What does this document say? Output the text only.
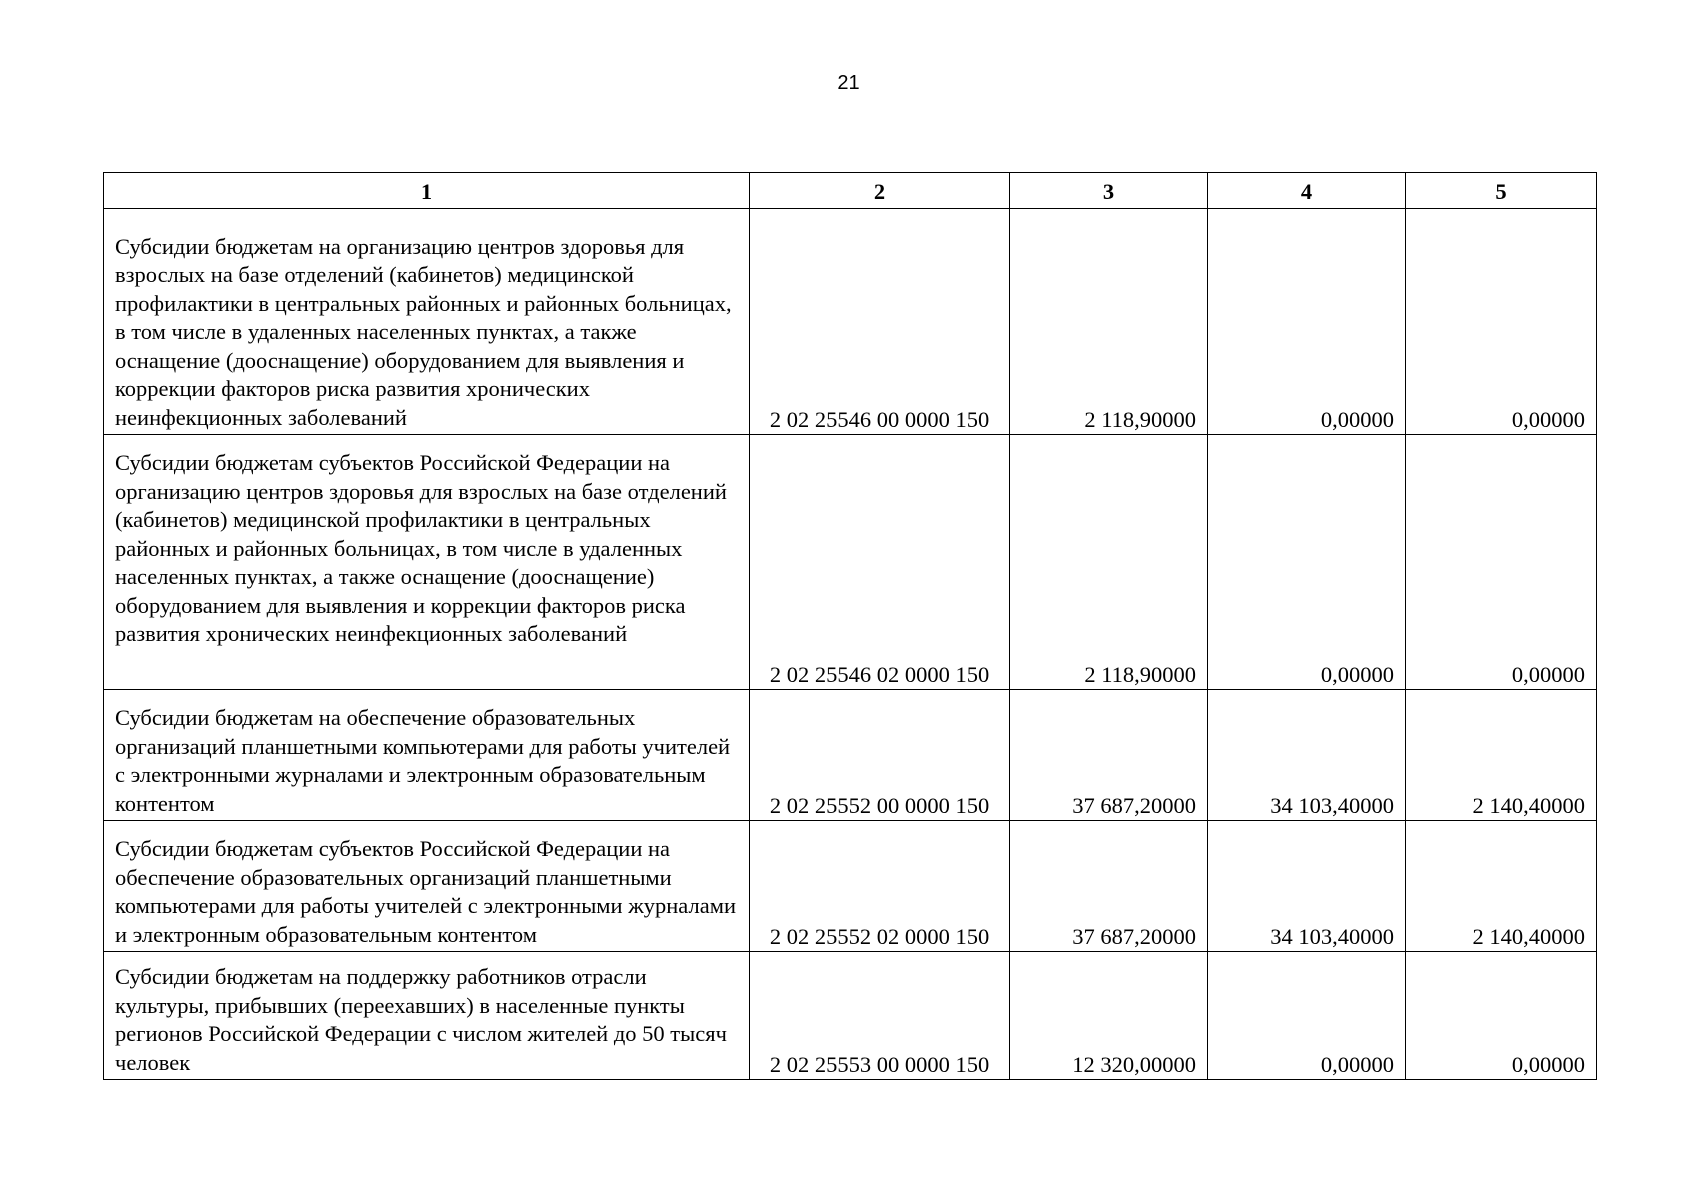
21
1	2	3	4	5
Субсидии бюджетам на организацию центров здоровья для взрослых на базе отделений (кабинетов) медицинской профилактики в центральных районных и районных больницах, в том числе в удаленных населенных пунктах, а также оснащение (дооснащение) оборудованием для выявления и коррекции факторов риска развития хронических неинфекционных заболеваний	2 02 25546 00 0000 150	2 118,90000	0,00000	0,00000
Субсидии бюджетам субъектов Российской Федерации на организацию центров здоровья для взрослых на базе отделений (кабинетов) медицинской профилактики в центральных районных и районных больницах, в том числе в удаленных населенных пунктах, а также оснащение (дооснащение) оборудованием для выявления и коррекции факторов риска развития хронических неинфекционных заболеваний	2 02 25546 02 0000 150	2 118,90000	0,00000	0,00000
Субсидии бюджетам на обеспечение образовательных организаций планшетными компьютерами для работы учителей с электронными журналами и электронным образовательным контентом	2 02 25552 00 0000 150	37 687,20000	34 103,40000	2 140,40000
Субсидии бюджетам субъектов Российской Федерации на обеспечение образовательных организаций планшетными компьютерами для работы учителей с электронными журналами и электронным образовательным контентом	2 02 25552 02 0000 150	37 687,20000	34 103,40000	2 140,40000
Субсидии бюджетам на поддержку работников отрасли культуры, прибывших (переехавших) в населенные пункты регионов Российской Федерации с числом жителей до 50 тысяч человек	2 02 25553 00 0000 150	12 320,00000	0,00000	0,00000
